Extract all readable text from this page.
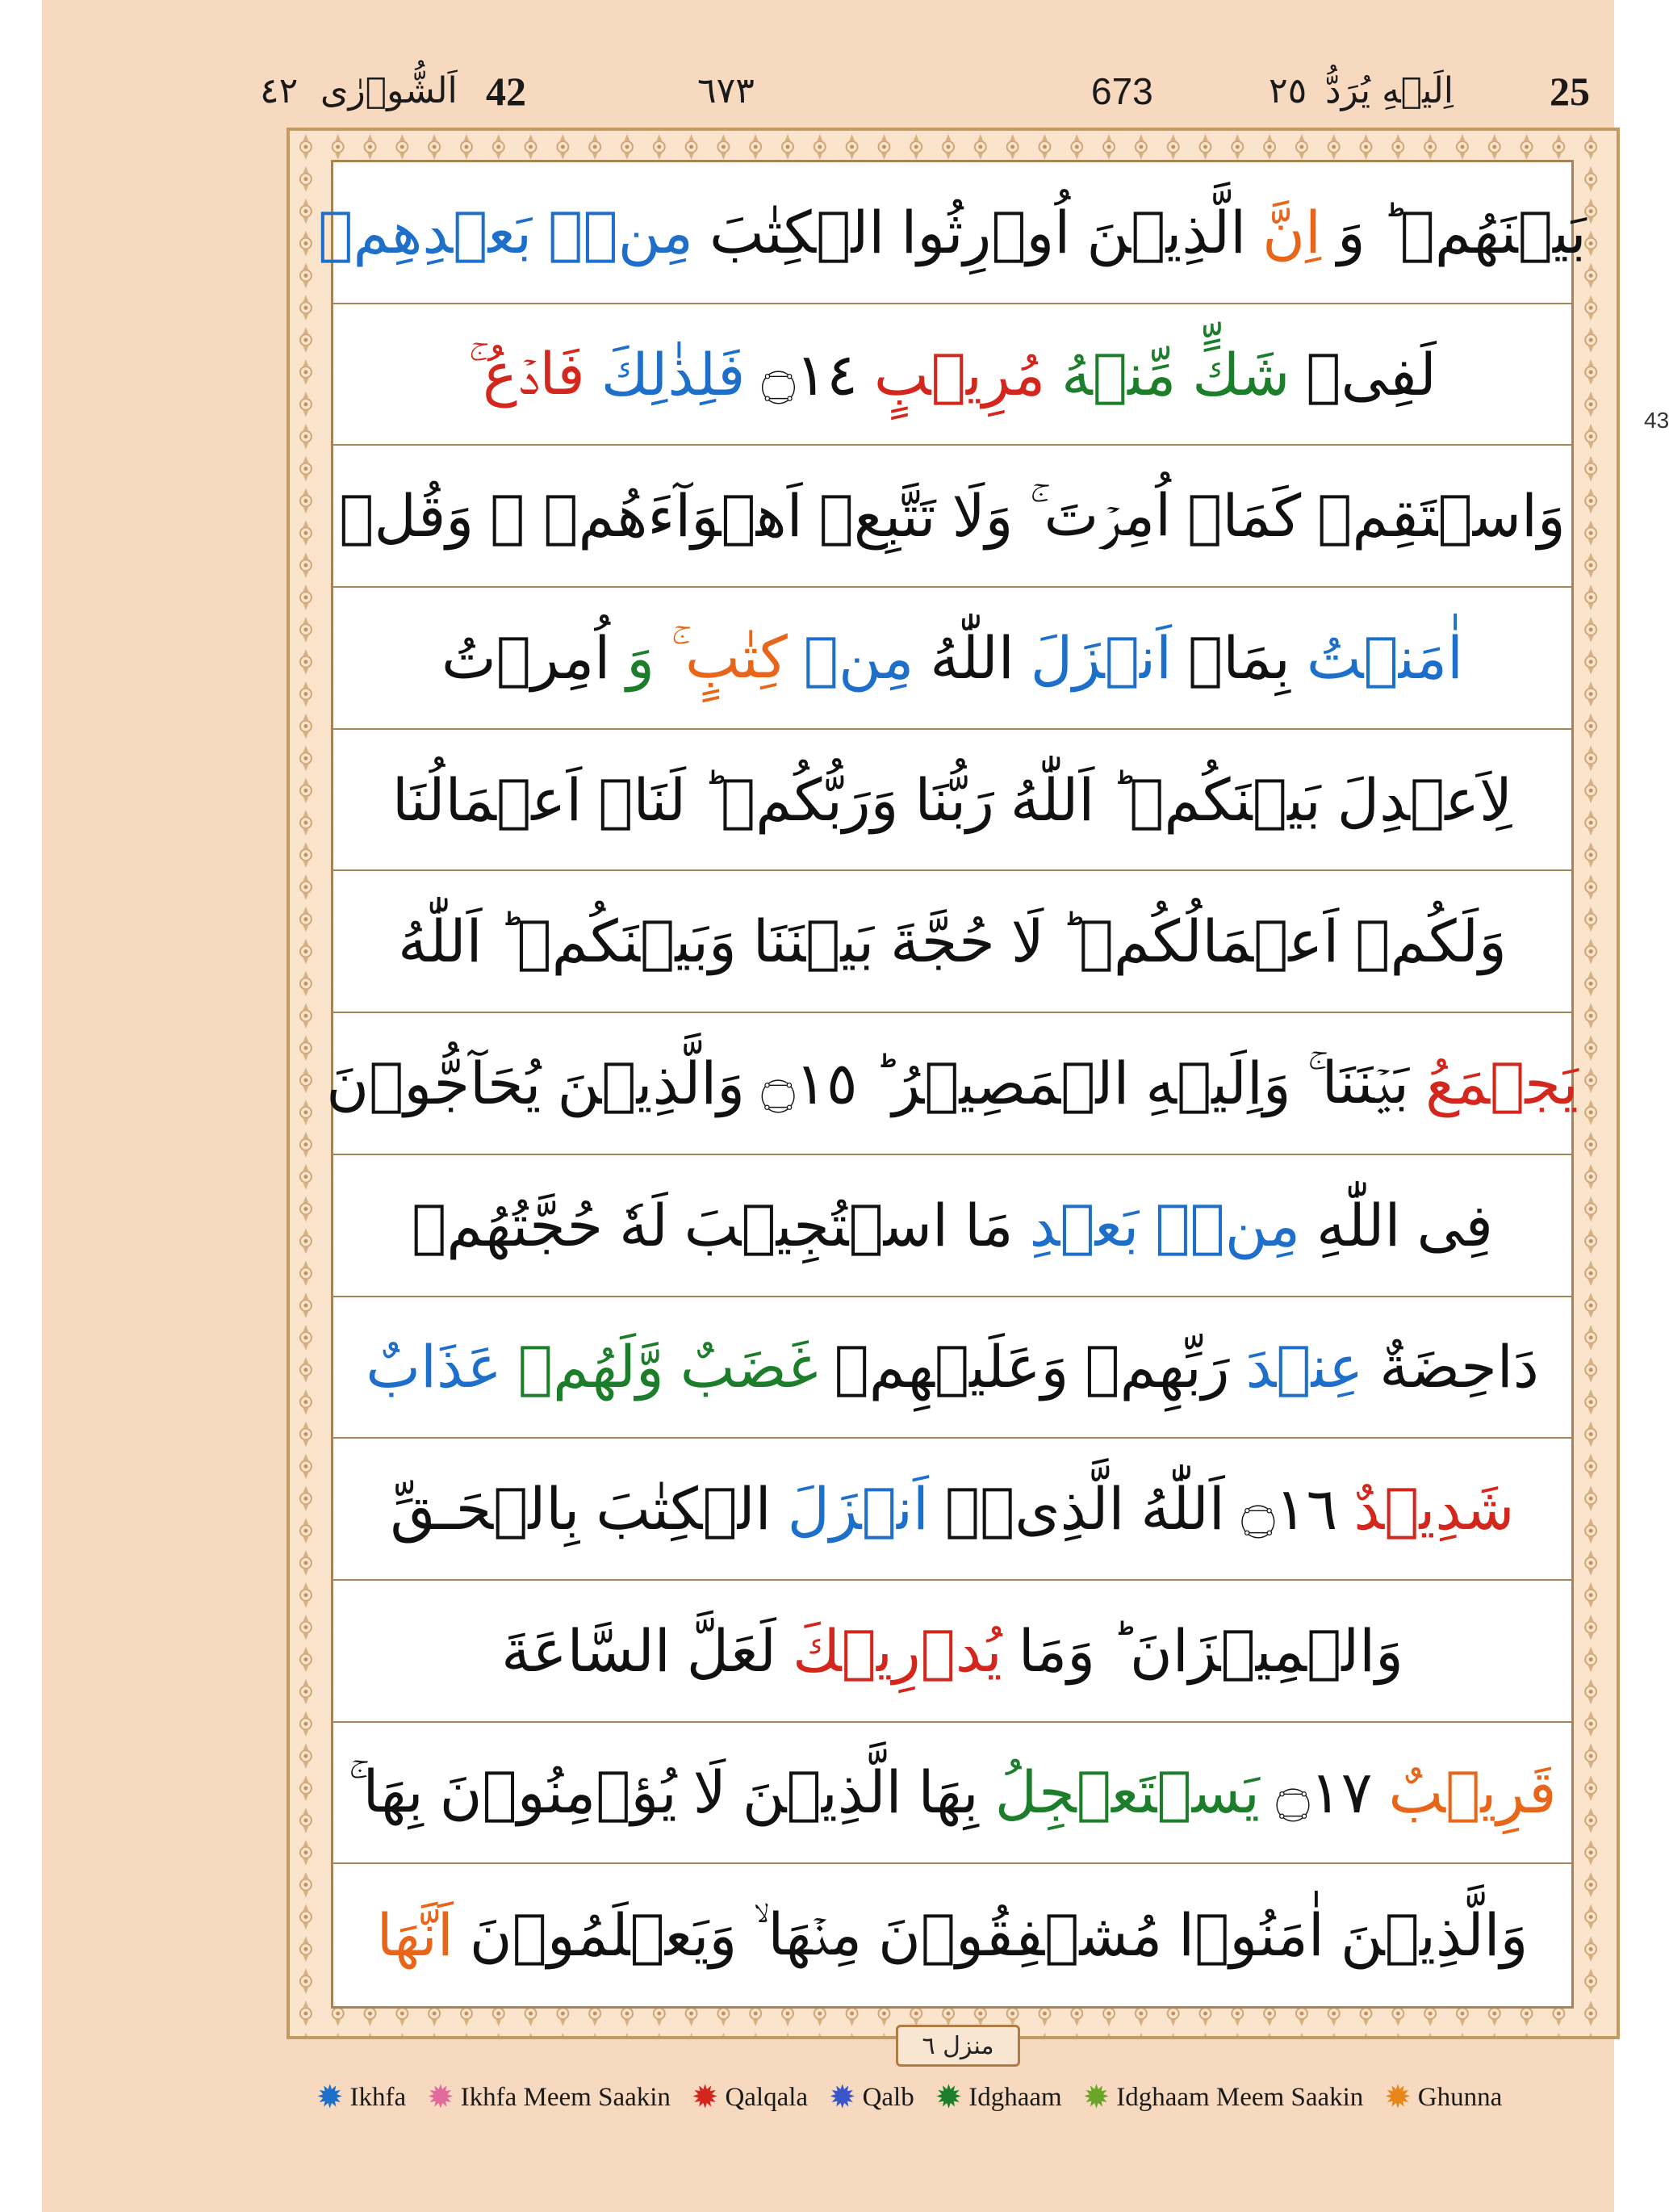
25
اِلَيۡهِ يُرَدُّ
٢٥
673
٦٧٣
42
اَلشُّوۡرٰی
٤٢
43
بَيۡنَهُمۡ ؕ
وَ
اِنَّ
الَّذِيۡنَ
اُوۡرِثُوا
الۡكِتٰبَ
مِنۡۢ
بَعۡدِهِمۡ
لَفِىۡ
شَكٍّ
مِّنۡهُ
مُرِيۡبٍ
۝١٤
فَلِذٰلِكَ
فَادۡعُ ۚ
وَاسۡتَقِمۡ
كَمَاۤ
اُمِرۡتَ ۚ
وَلَا
تَتَّبِعۡ
اَهۡوَآءَهُمۡ ۚ
وَقُلۡ
اٰمَنۡتُ
بِمَاۤ
اَنۡزَلَ
اللّٰهُ
مِنۡ
كِتٰبٍ ۚ
وَ
اُمِرۡتُ
لِاَعۡدِلَ
بَيۡنَكُمۡ ؕ
اَللّٰهُ
رَبُّنَا
وَرَبُّكُمۡ ؕ
لَنَاۤ
اَعۡمَالُنَا
وَلَكُمۡ
اَعۡمَالُكُمۡ ؕ
لَا
حُجَّةَ
بَيۡنَنَا
وَبَيۡنَكُمۡ ؕ
اَللّٰهُ
يَجۡمَعُ
بَيۡنَنَا ۚ
وَاِلَيۡهِ
الۡمَصِيۡرُ ؕ
۝١٥
وَالَّذِيۡنَ
يُحَآجُّوۡنَ
فِى
اللّٰهِ
مِنۡۢ
بَعۡدِ
مَا
اسۡتُجِيۡبَ
لَهٗ
حُجَّتُهُمۡ
دَاحِضَةٌ
عِنۡدَ
رَبِّهِمۡ
وَعَلَيۡهِمۡ
غَضَبٌ
وَّلَهُمۡ
عَذَابٌ
شَدِيۡدٌ
۝١٦
اَللّٰهُ
الَّذِىۡۤ
اَنۡزَلَ
الۡكِتٰبَ
بِالۡحَـقِّ
وَالۡمِيۡزَانَ ؕ
وَمَا
يُدۡرِيۡكَ
لَعَلَّ
السَّاعَةَ
قَرِيۡبٌ
۝١٧
يَسۡتَعۡجِلُ
بِهَا
الَّذِيۡنَ
لَا
يُؤۡمِنُوۡنَ
بِهَا ۚ
وَالَّذِيۡنَ
اٰمَنُوۡا
مُشۡفِقُوۡنَ
مِنۡهَا ۙ
وَيَعۡلَمُوۡنَ
اَنَّهَا
منزل ٦
✹ Ikhfa ✹ Ikhfa Meem Saakin ✹ Qalqala ✹ Qalb ✹ Idghaam ✹ Idghaam Meem Saakin ✹ Ghunna
